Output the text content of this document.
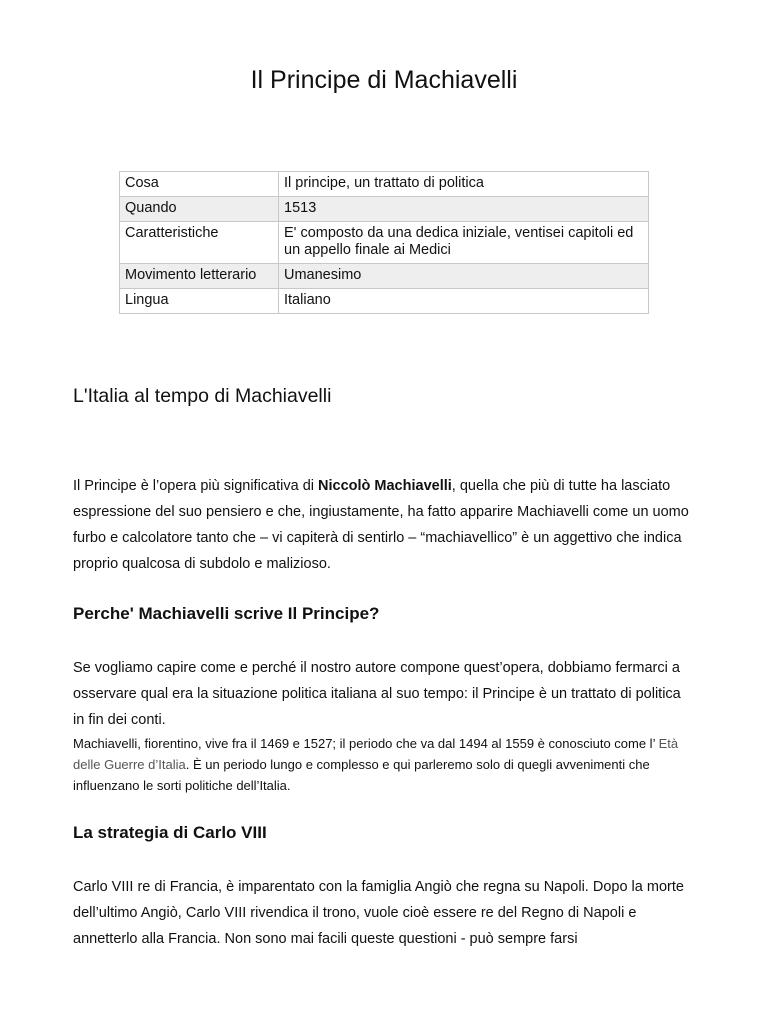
Il Principe di Machiavelli
Cosa	Il principe, un trattato di politica
Quando	1513
Caratteristiche	E' composto da una dedica iniziale, ventisei capitoli ed un appello finale ai Medici
Movimento letterario	Umanesimo
Lingua	Italiano
L'Italia al tempo di Machiavelli

Il Principe è l’opera più significativa di Niccolò Machiavelli, quella che più di tutte ha lasciato espressione del suo pensiero e che, ingiustamente, ha fatto apparire Machiavelli come un uomo furbo e calcolatore tanto che – vi capiterà di sentirlo – “machiavellico” è un aggettivo che indica proprio qualcosa di subdolo e malizioso.

Perche' Machiavelli scrive Il Principe?

Se vogliamo capire come e perché il nostro autore compone quest’opera, dobbiamo fermarci a osservare qual era la situazione politica italiana al suo tempo: il Principe è un trattato di politica in fin dei conti.

Machiavelli, fiorentino, vive fra il 1469 e 1527; il periodo che va dal 1494 al 1559 è conosciuto come l’ Età delle Guerre d’Italia. È un periodo lungo e complesso e qui parleremo solo di quegli avvenimenti che influenzano le sorti politiche dell’Italia.

La strategia di Carlo VIII

Carlo VIII re di Francia, è imparentato con la famiglia Angiò che regna su Napoli. Dopo la morte dell’ultimo Angiò, Carlo VIII rivendica il trono, vuole cioè essere re del Regno di Napoli e annetterlo alla Francia. Non sono mai facili queste questioni - può sempre farsi
